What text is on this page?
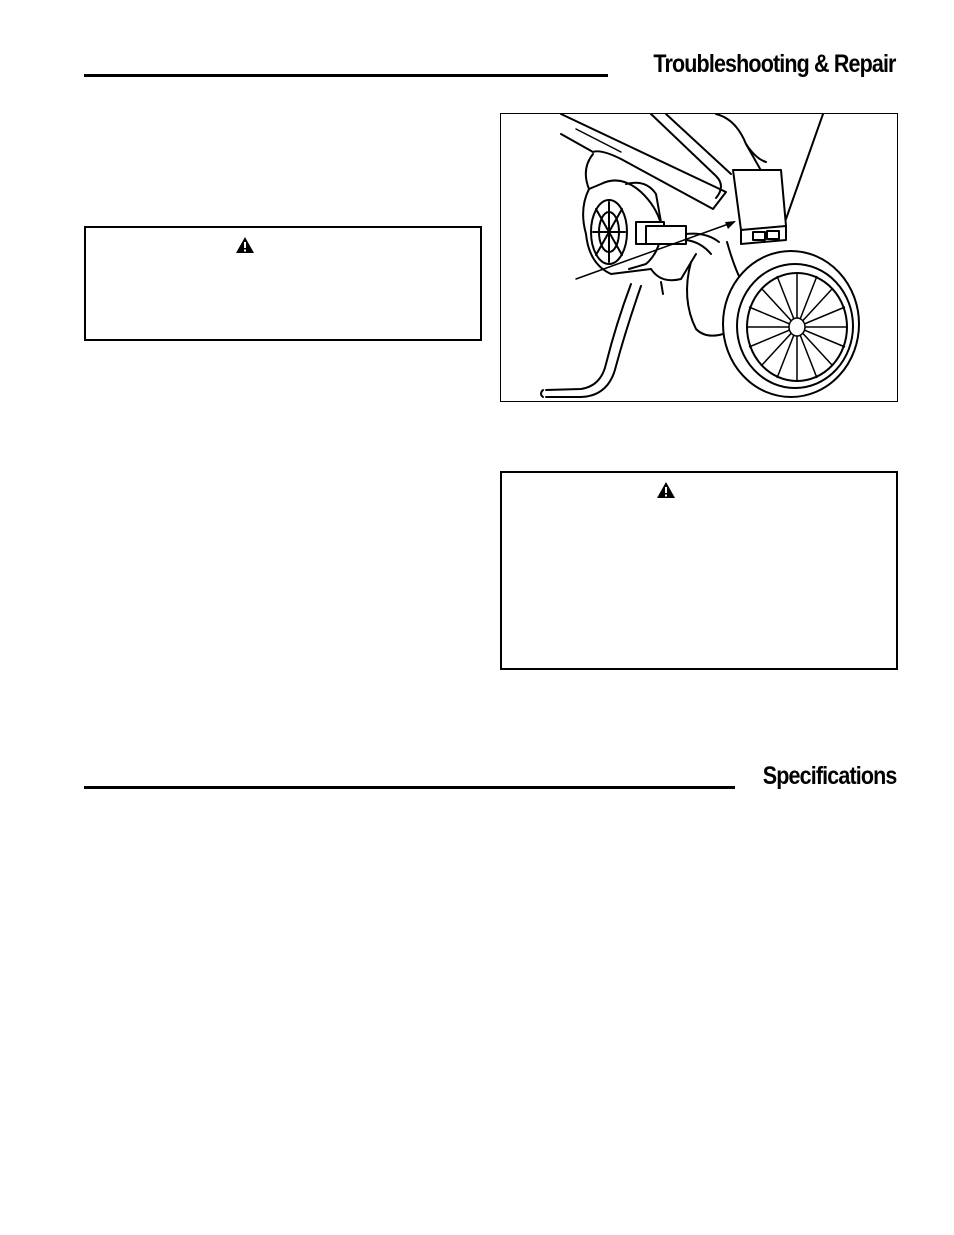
Troubleshooting & Repair
Specifications
